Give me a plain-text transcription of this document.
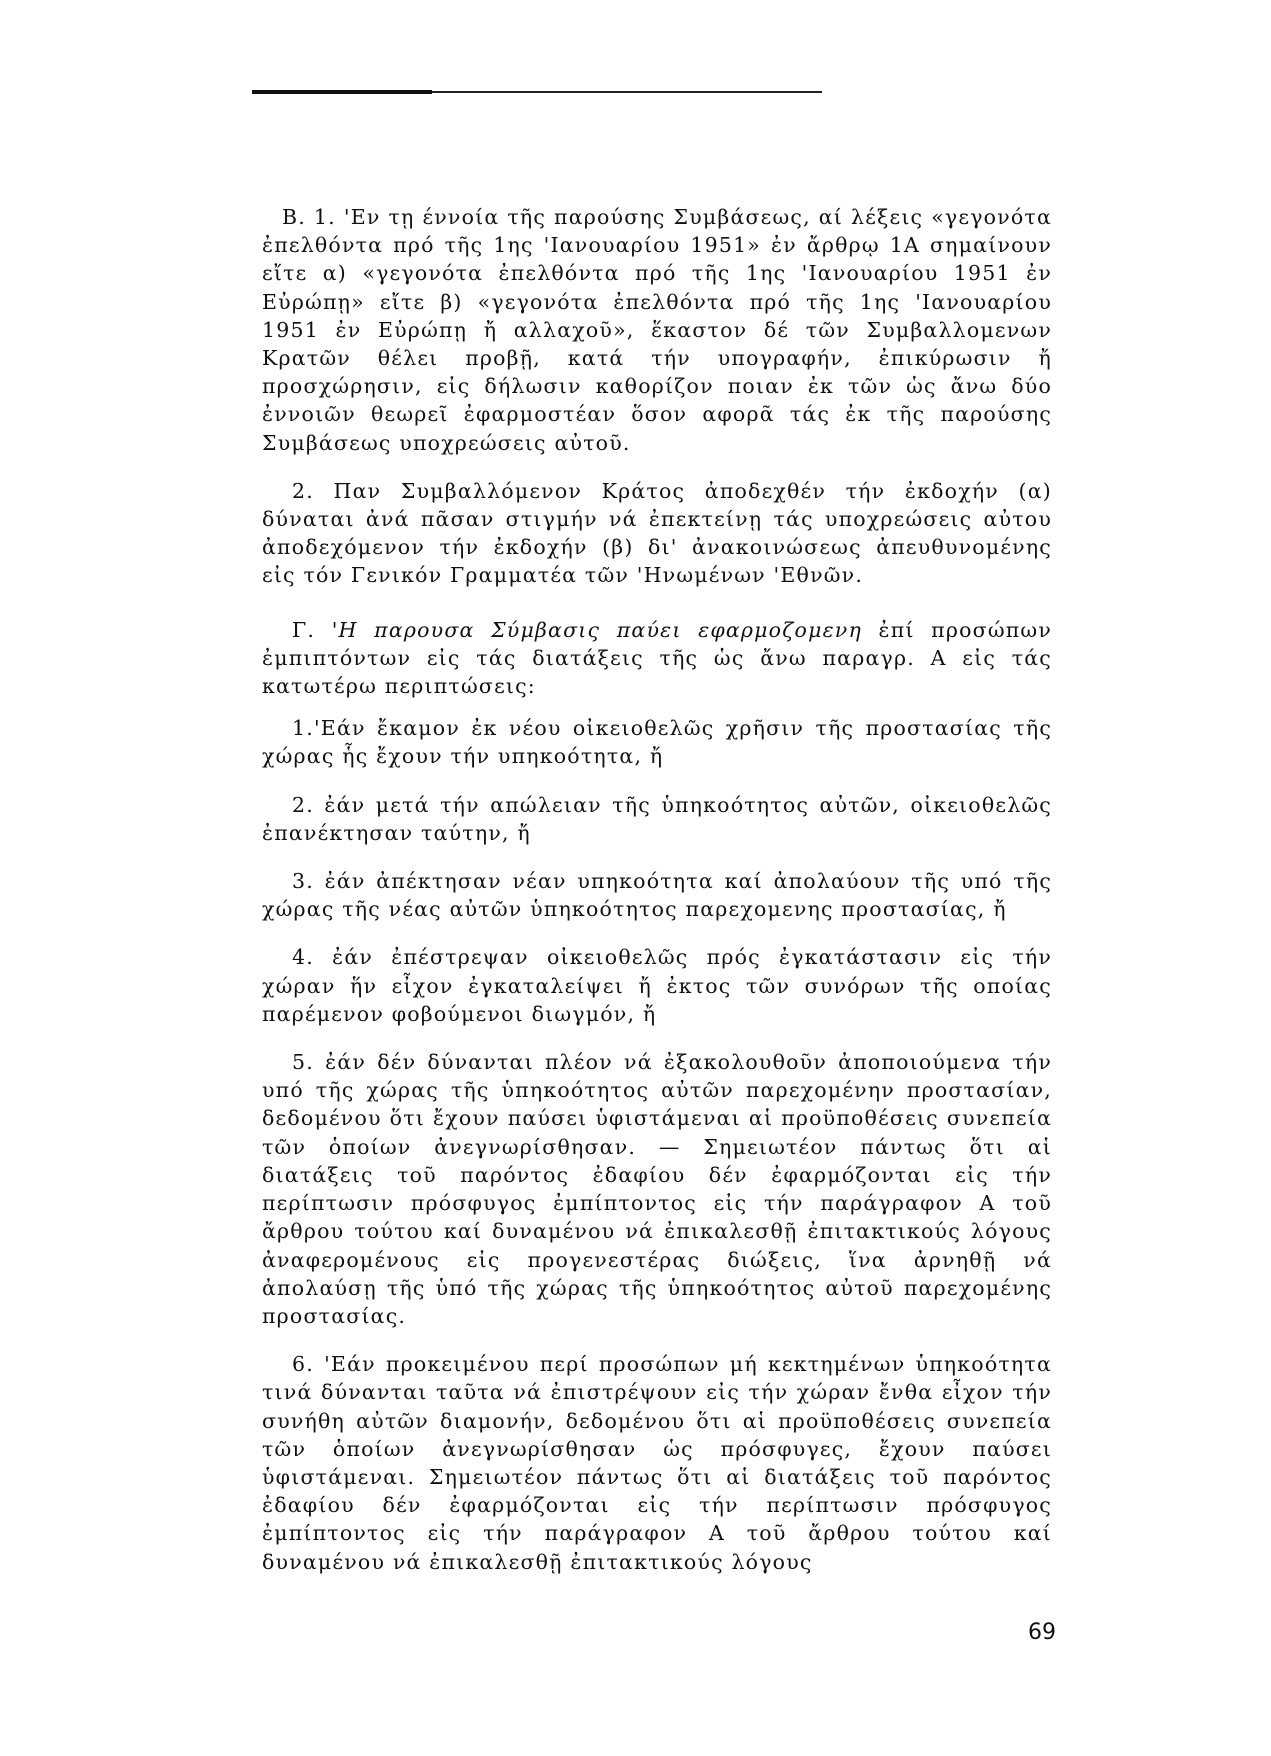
Β. 1. 'Εν τῃ έννοία τῆς παρούσης Συμβάσεως, αί λέξεις «γεγονότα ἐπελθόντα πρό τῆς 1ης 'Ιανουαρίου 1951» ἐν ἄρθρῳ 1Α σημαίνουν εἴτε α) «γεγονότα ἐπελθόντα πρό τῆς 1ης 'Ιανουαρίου 1951 ἐν Εὐρώπῃ» εἴτε β) «γεγονότα ἐπελθόντα πρό τῆς 1ης 'Ιανουαρίου 1951 ἐν Εὐρώπῃ ἤ αλλαχοῦ», ἕκαστον δέ τῶν Συμβαλλομενων Κρατῶν θέλει προβῇ, κατά τήν υπογραφήν, ἐπικύρωσιν ἤ προσχώρησιν, εἰς δήλωσιν καθορίζον ποιαν ἐκ τῶν ὡς ἄνω δύο ἐννοιῶν θεωρεῖ ἐφαρμοστέαν ὅσον αφορᾶ τάς ἐκ τῆς παρούσης Συμβάσεως υποχρεώσεις αὐτοῦ.

2. Παν Συμβαλλόμενον Κράτος ἀποδεχθέν τήν ἐκδοχήν (α) δύναται ἀνά πᾶσαν στιγμήν νά ἐπεκτείνῃ τάς υποχρεώσεις αὐτου ἀποδεχόμενον τήν ἐκδοχήν (β) δι' ἀνακοινώσεως ἀπευθυνομένης εἰς τόν Γενικόν Γραμματέα τῶν 'Ηνωμένων 'Εθνῶν.

Γ. 'Η παρουσα Σύμβασις παύει εφαρμοζομενη ἐπί προσώπων ἐμπιπτόντων εἰς τάς διατάξεις τῆς ὡς ἄνω παραγρ. Α εἰς τάς κατωτέρω περιπτώσεις:

1.'Εάν ἔκαμον ἐκ νέου οἰκειοθελῶς χρῆσιν τῆς προστασίας τῆς χώρας ἧς ἔχουν τήν υπηκοότητα, ἤ

2. ἐάν μετά τήν απώλειαν τῆς ὑπηκοότητος αὐτῶν, οἰκειοθελῶς ἐπανέκτησαν ταύτην, ἤ

3. ἐάν ἀπέκτησαν νέαν υπηκοότητα καί ἀπολαύουν τῆς υπό τῆς χώρας τῆς νέας αὐτῶν ὑπηκοότητος παρεχομενης προστασίας, ἤ

4. ἐάν ἐπέστρεψαν οἰκειοθελῶς πρός ἐγκατάστασιν εἰς τήν χώραν ἥν εἶχον ἐγκαταλείψει ἤ ἐκτος τῶν συνόρων τῆς οποίας παρέμενον φοβούμενοι διωγμόν, ἤ

5. ἐάν δέν δύνανται πλέον νά ἐξακολουθοῦν ἀποποιούμενα τήν υπό τῆς χώρας τῆς ὑπηκοότητος αὐτῶν παρεχομένην προστασίαν, δεδομένου ὅτι ἔχουν παύσει ὑφιστάμεναι αἱ προϋποθέσεις συνεπεία τῶν ὁποίων ἀνεγνωρίσθησαν. — Σημειωτέον πάντως ὅτι αἱ διατάξεις τοῦ παρόντος ἐδαφίου δέν ἐφαρμόζονται εἰς τήν περίπτωσιν πρόσφυγος ἐμπίπτοντος εἰς τήν παράγραφον Α τοῦ ἄρθρου τούτου καί δυναμένου νά ἐπικαλεσθῇ ἐπιτακτικούς λόγους ἀναφερομένους εἰς προγενεστέρας διώξεις, ἵνα ἀρνηθῇ νά ἀπολαύσῃ τῆς ὑπό τῆς χώρας τῆς ὑπηκοότητος αὐτοῦ παρεχομένης προστασίας.

6. 'Εάν προκειμένου περί προσώπων μή κεκτημένων ὑπηκοότητα τινά δύνανται ταῦτα νά ἐπιστρέψουν εἰς τήν χώραν ἔνθα εἶχον τήν συνήθη αὐτῶν διαμονήν, δεδομένου ὅτι αἱ προϋποθέσεις συνεπεία τῶν ὁποίων ἀνεγνωρίσθησαν ὡς πρόσφυγες, ἔχουν παύσει ὑφιστάμεναι. Σημειωτέον πάντως ὅτι αἱ διατάξεις τοῦ παρόντος ἐδαφίου δέν ἐφαρμόζονται εἰς τήν περίπτωσιν πρόσφυγος ἐμπίπτοντος εἰς τήν παράγραφον Α τοῦ ἄρθρου τούτου καί δυναμένου νά ἐπικαλεσθῇ ἐπιτακτικούς λόγους

69
